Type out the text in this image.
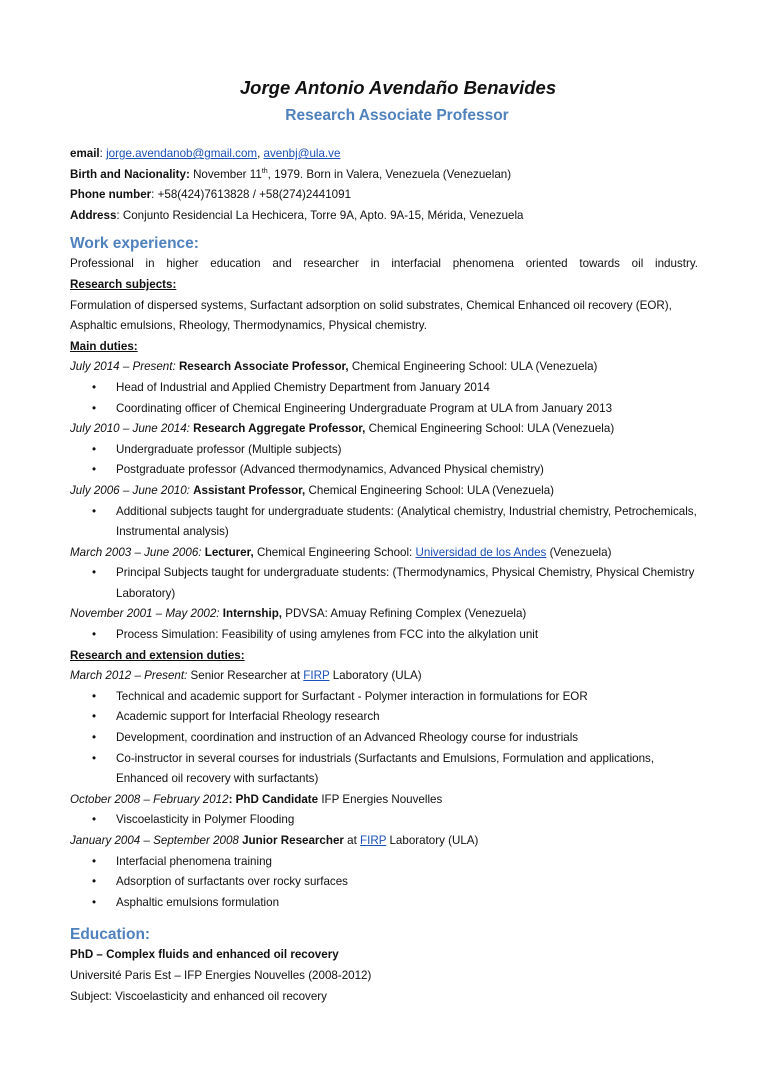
Jorge Antonio Avendaño Benavides
Research Associate Professor
email: jorge.avendanob@gmail.com, avenbj@ula.ve
Birth and Nacionality: November 11th, 1979. Born in Valera, Venezuela (Venezuelan)
Phone number: +58(424)7613828 / +58(274)2441091
Address: Conjunto Residencial La Hechicera, Torre 9A, Apto. 9A-15, Mérida, Venezuela
Work experience:
Professional in higher education and researcher in interfacial phenomena oriented towards oil industry.
Research subjects:
Formulation of dispersed systems, Surfactant adsorption on solid substrates, Chemical Enhanced oil recovery (EOR), Asphaltic emulsions, Rheology, Thermodynamics, Physical chemistry.
Main duties:
July 2014 – Present: Research Associate Professor, Chemical Engineering School: ULA (Venezuela)
• Head of Industrial and Applied Chemistry Department from January 2014
• Coordinating officer of Chemical Engineering Undergraduate Program at ULA from January 2013
July 2010 – June 2014: Research Aggregate Professor, Chemical Engineering School: ULA (Venezuela)
• Undergraduate professor (Multiple subjects)
• Postgraduate professor (Advanced thermodynamics, Advanced Physical chemistry)
July 2006 – June 2010: Assistant Professor, Chemical Engineering School: ULA (Venezuela)
• Additional subjects taught for undergraduate students: (Analytical chemistry, Industrial chemistry, Petrochemicals, Instrumental analysis)
March 2003 – June 2006: Lecturer, Chemical Engineering School: Universidad de los Andes (Venezuela)
• Principal Subjects taught for undergraduate students: (Thermodynamics, Physical Chemistry, Physical Chemistry Laboratory)
November 2001 – May 2002: Internship, PDVSA: Amuay Refining Complex (Venezuela)
• Process Simulation: Feasibility of using amylenes from FCC into the alkylation unit
Research and extension duties:
March 2012 – Present: Senior Researcher at FIRP Laboratory (ULA)
• Technical and academic support for Surfactant - Polymer interaction in formulations for EOR
• Academic support for Interfacial Rheology research
• Development, coordination and instruction of an Advanced Rheology course for industrials
• Co-instructor in several courses for industrials (Surfactants and Emulsions, Formulation and applications, Enhanced oil recovery with surfactants)
October 2008 – February 2012: PhD Candidate IFP Energies Nouvelles
• Viscoelasticity in Polymer Flooding
January 2004 – September 2008 Junior Researcher at FIRP Laboratory (ULA)
• Interfacial phenomena training
• Adsorption of surfactants over rocky surfaces
• Asphaltic emulsions formulation
Education:
PhD – Complex fluids and enhanced oil recovery
Université Paris Est – IFP Energies Nouvelles (2008-2012)
Subject: Viscoelasticity and enhanced oil recovery
